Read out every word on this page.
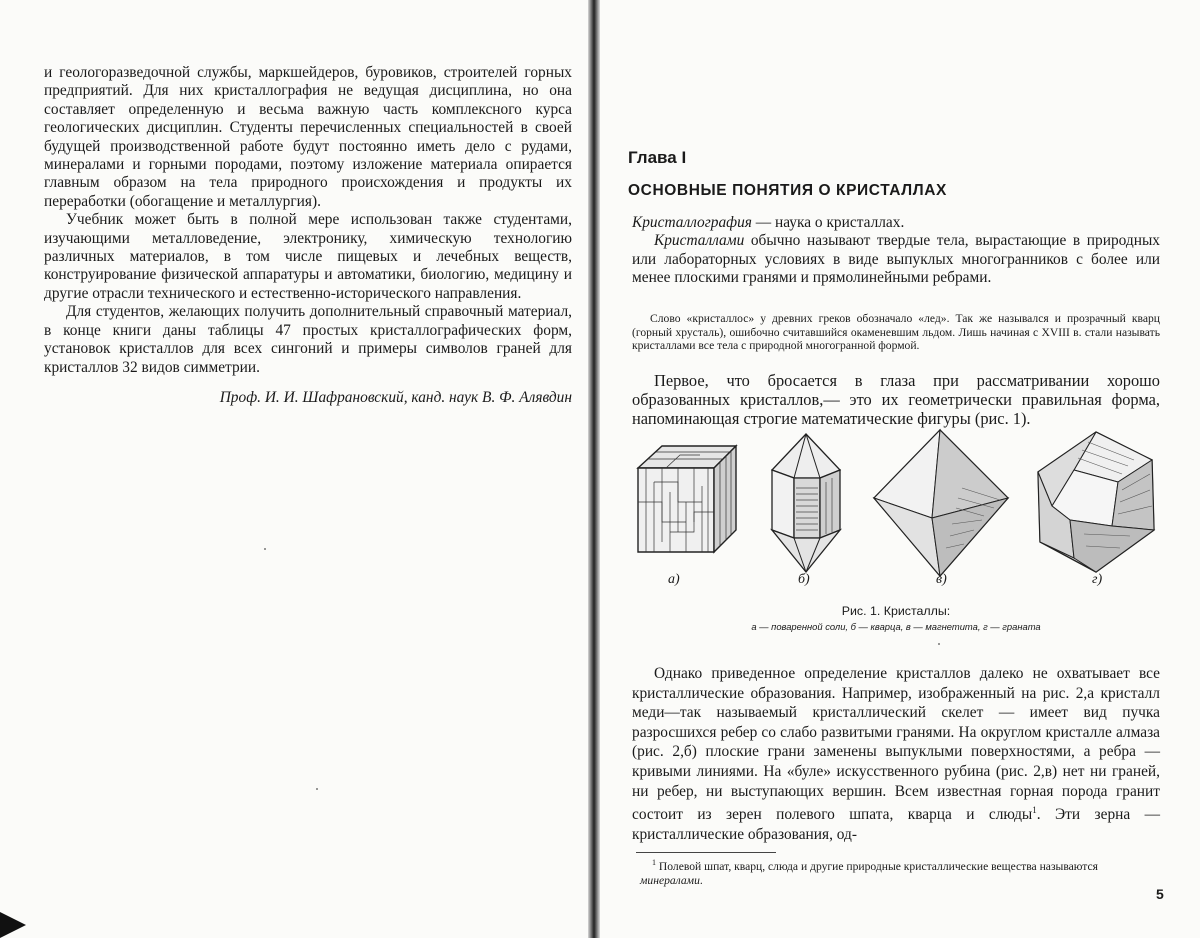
и геологоразведочной службы, маркшейдеров, буровиков, строителей горных предприятий. Для них кристаллография не ведущая дисциплина, но она составляет определенную и весьма важную часть комплексного курса геологических дисциплин. Студенты перечисленных специальностей в своей будущей производственной работе будут постоянно иметь дело с рудами, минералами и горными породами, поэтому изложение материала опирается главным образом на тела природного происхождения и продукты их переработки (обогащение и металлургия).

Учебник может быть в полной мере использован также студентами, изучающими металловедение, электронику, химическую технологию различных материалов, в том числе пищевых и лечебных веществ, конструирование физической аппаратуры и автоматики, биологию, медицину и другие отрасли технического и естественно-исторического направления.

Для студентов, желающих получить дополнительный справочный материал, в конце книги даны таблицы 47 простых кристаллографических форм, установок кристаллов для всех сингоний и примеры символов граней для кристаллов 32 видов симметрии.

Проф. И. И. Шафрановский, канд. наук В. Ф. Алявдин
Глава I
ОСНОВНЫЕ ПОНЯТИЯ О КРИСТАЛЛАХ

Кристаллография — наука о кристаллах.

Кристаллами обычно называют твердые тела, вырастающие в природных или лабораторных условиях в виде выпуклых многогранников с более или менее плоскими гранями и прямолинейными ребрами.

Слово «кристаллос» у древних греков обозначало «лед». Так же назывался и прозрачный кварц (горный хрусталь), ошибочно считавшийся окаменевшим льдом. Лишь начиная с XVIII в. стали называть кристаллами все тела с природной многогранной формой.

Первое, что бросается в глаза при рассматривании хорошо образованных кристаллов,— это их геометрически правильная форма, напоминающая строгие математические фигуры (рис. 1).

а)	б)	в)	г)
Рис. 1. Кристаллы:
а — поваренной соли, б — кварца, в — магнетита, г — граната

Однако приведенное определение кристаллов далеко не охватывает все кристаллические образования. Например, изображенный на рис. 2,а кристалл меди—так называемый кристаллический скелет — имеет вид пучка разросшихся ребер со слабо развитыми гранями. На округлом кристалле алмаза (рис. 2,б) плоские грани заменены выпуклыми поверхностями, а ребра — кривыми линиями. На «буле» искусственного рубина (рис. 2,в) нет ни граней, ни ребер, ни выступающих вершин. Всем известная горная порода гранит состоит из зерен полевого шпата, кварца и слюды$^1$. Эти зерна — кристаллические образования, од-

$^1$ Полевой шпат, кварц, слюда и другие природные кристаллические вещества называются минералами.

5
